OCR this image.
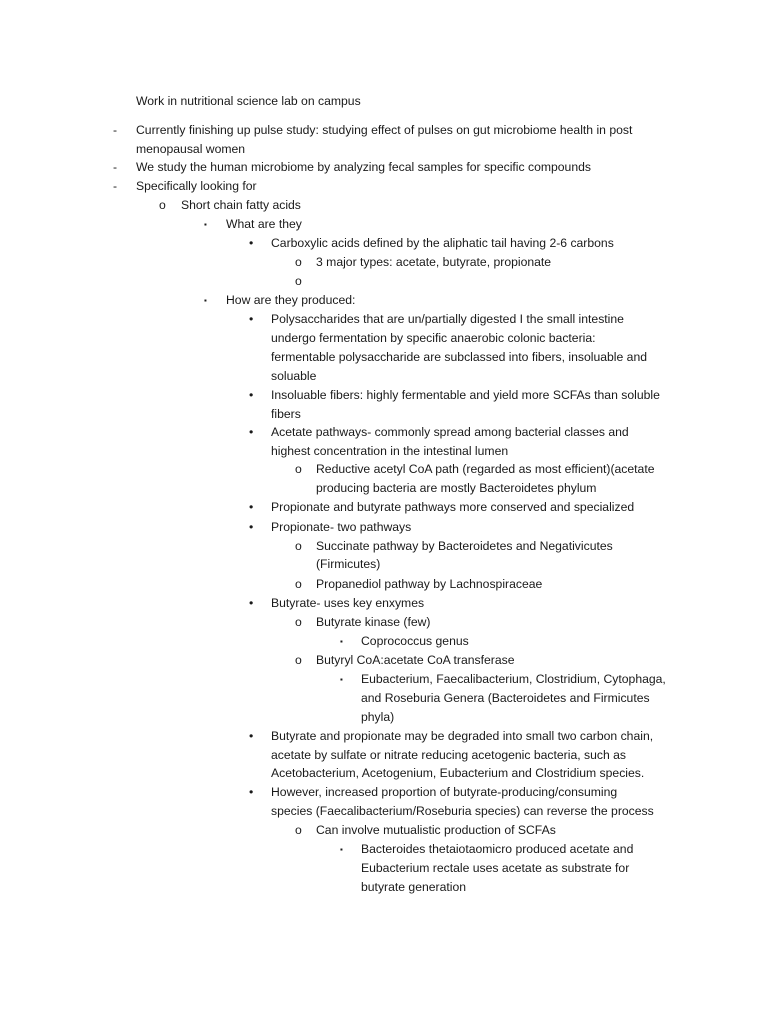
Work in nutritional science lab on campus
- Currently finishing up pulse study: studying effect of pulses on gut microbiome health in post
menopausal women
- We study the human microbiome by analyzing fecal samples for specific compounds
- Specifically looking for
o Short chain fatty acids
▪ What are they
• Carboxylic acids defined by the aliphatic tail having 2-6 carbons
o 3 major types: acetate, butyrate, propionate
o
▪ How are they produced:
• Polysaccharides that are un/partially digested I the small intestine
undergo fermentation by specific anaerobic colonic bacteria:
fermentable polysaccharide are subclassed into fibers, insoluable and
soluable
• Insoluable fibers: highly fermentable and yield more SCFAs than soluble
fibers
• Acetate pathways- commonly spread among bacterial classes and
highest concentration in the intestinal lumen
o Reductive acetyl CoA path (regarded as most efficient)(acetate
producing bacteria are mostly Bacteroidetes phylum
• Propionate and butyrate pathways more conserved and specialized
• Propionate- two pathways
o Succinate pathway by Bacteroidetes and Negativicutes
(Firmicutes)
o Propanediol pathway by Lachnospiraceae
• Butyrate- uses key enxymes
o Butyrate kinase (few)
▪ Coprococcus genus
o Butyryl CoA:acetate CoA transferase
▪ Eubacterium, Faecalibacterium, Clostridium, Cytophaga,
and Roseburia Genera (Bacteroidetes and Firmicutes
phyla)
• Butyrate and propionate may be degraded into small two carbon chain,
acetate by sulfate or nitrate reducing acetogenic bacteria, such as
Acetobacterium, Acetogenium, Eubacterium and Clostridium species.
• However, increased proportion of butyrate-producing/consuming
species (Faecalibacterium/Roseburia species) can reverse the process
o Can involve mutualistic production of SCFAs
▪ Bacteroides thetaiotaomicro produced acetate and
Eubacterium rectale uses acetate as substrate for
butyrate generation
